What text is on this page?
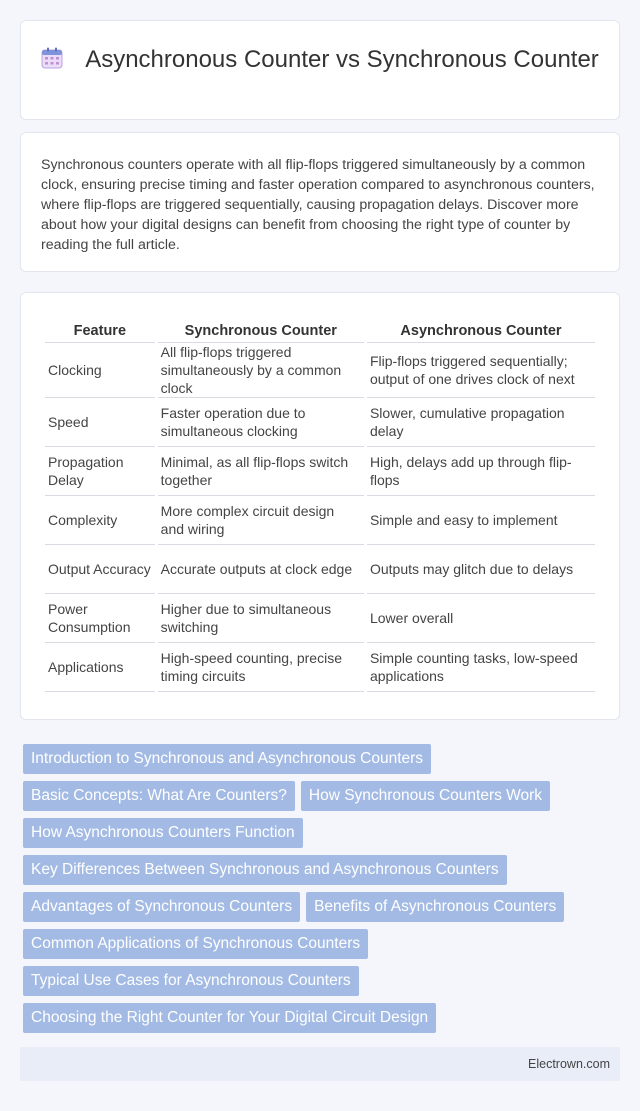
Asynchronous Counter vs Synchronous Counter

Synchronous counters operate with all flip-flops triggered simultaneously by a common clock, ensuring precise timing and faster operation compared to asynchronous counters, where flip-flops are triggered sequentially, causing propagation delays. Discover more about how your digital designs can benefit from choosing the right type of counter by reading the full article.

Feature	Synchronous Counter	Asynchronous Counter
Clocking	All flip-flops triggered simultaneously by a common clock	Flip-flops triggered sequentially; output of one drives clock of next
Speed	Faster operation due to simultaneous clocking	Slower, cumulative propagation delay
Propagation Delay	Minimal, as all flip-flops switch together	High, delays add up through flip-flops
Complexity	More complex circuit design and wiring	Simple and easy to implement
Output Accuracy	Accurate outputs at clock edge	Outputs may glitch due to delays
Power Consumption	Higher due to simultaneous switching	Lower overall
Applications	High-speed counting, precise timing circuits	Simple counting tasks, low-speed applications
Introduction to Synchronous and Asynchronous Counters
Basic Concepts: What Are Counters? How Synchronous Counters Work
How Asynchronous Counters Function
Key Differences Between Synchronous and Asynchronous Counters
Advantages of Synchronous Counters Benefits of Asynchronous Counters
Common Applications of Synchronous Counters
Typical Use Cases for Asynchronous Counters
Choosing the Right Counter for Your Digital Circuit Design
Electrown.com
